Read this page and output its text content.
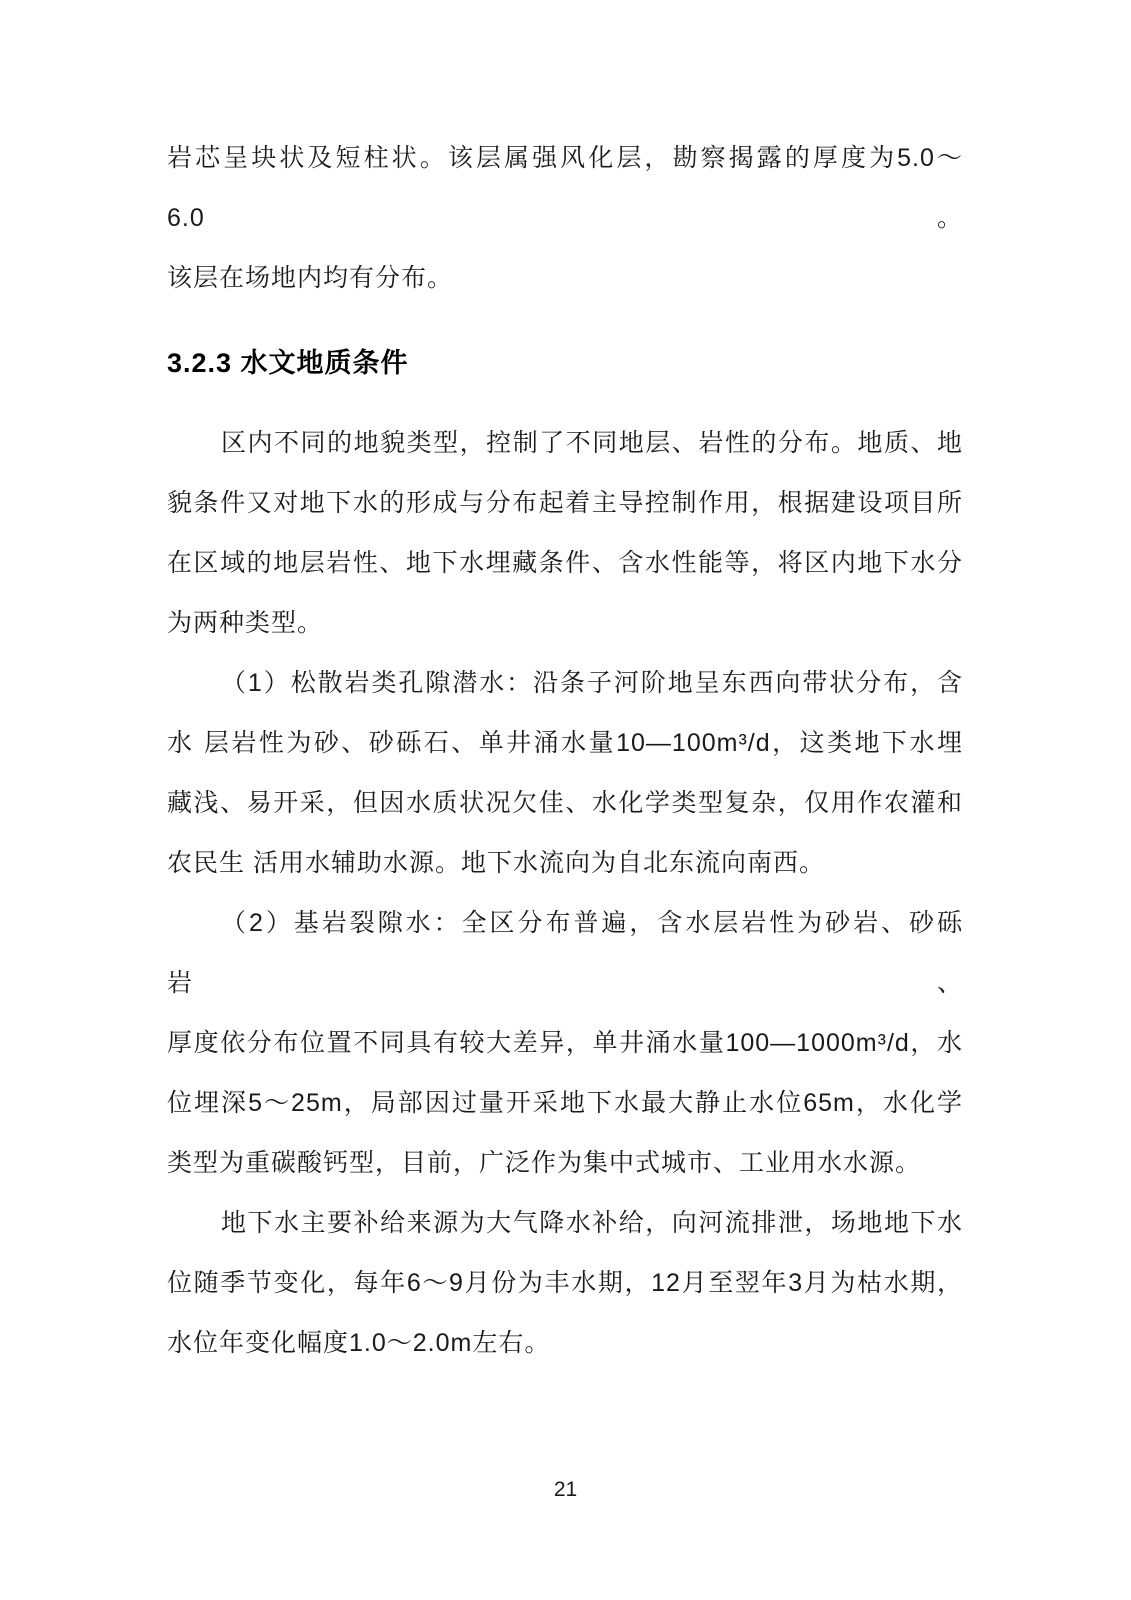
岩芯呈块状及短柱状。该层属强风化层，勘察揭露的厚度为5.0～6.0。
该层在场地内均有分布。
3.2.3 水文地质条件
区内不同的地貌类型，控制了不同地层、岩性的分布。地质、地
貌条件又对地下水的形成与分布起着主导控制作用，根据建设项目所
在区域的地层岩性、地下水埋藏条件、含水性能等，将区内地下水分
为两种类型。
（1）松散岩类孔隙潜水：沿条子河阶地呈东西向带状分布，含
水 层岩性为砂、砂砾石、单井涌水量10—100m³/d，这类地下水埋
藏浅、易开采，但因水质状况欠佳、水化学类型复杂，仅用作农灌和
农民生 活用水辅助水源。地下水流向为自北东流向南西。
（2）基岩裂隙水：全区分布普遍，含水层岩性为砂岩、砂砾岩、
厚度依分布位置不同具有较大差异，单井涌水量100—1000m³/d，水
位埋深5～25m，局部因过量开采地下水最大静止水位65m，水化学
类型为重碳酸钙型，目前，广泛作为集中式城市、工业用水水源。
地下水主要补给来源为大气降水补给，向河流排泄，场地地下水
位随季节变化，每年6～9月份为丰水期，12月至翌年3月为枯水期，
水位年变化幅度1.0～2.0m左右。
21
